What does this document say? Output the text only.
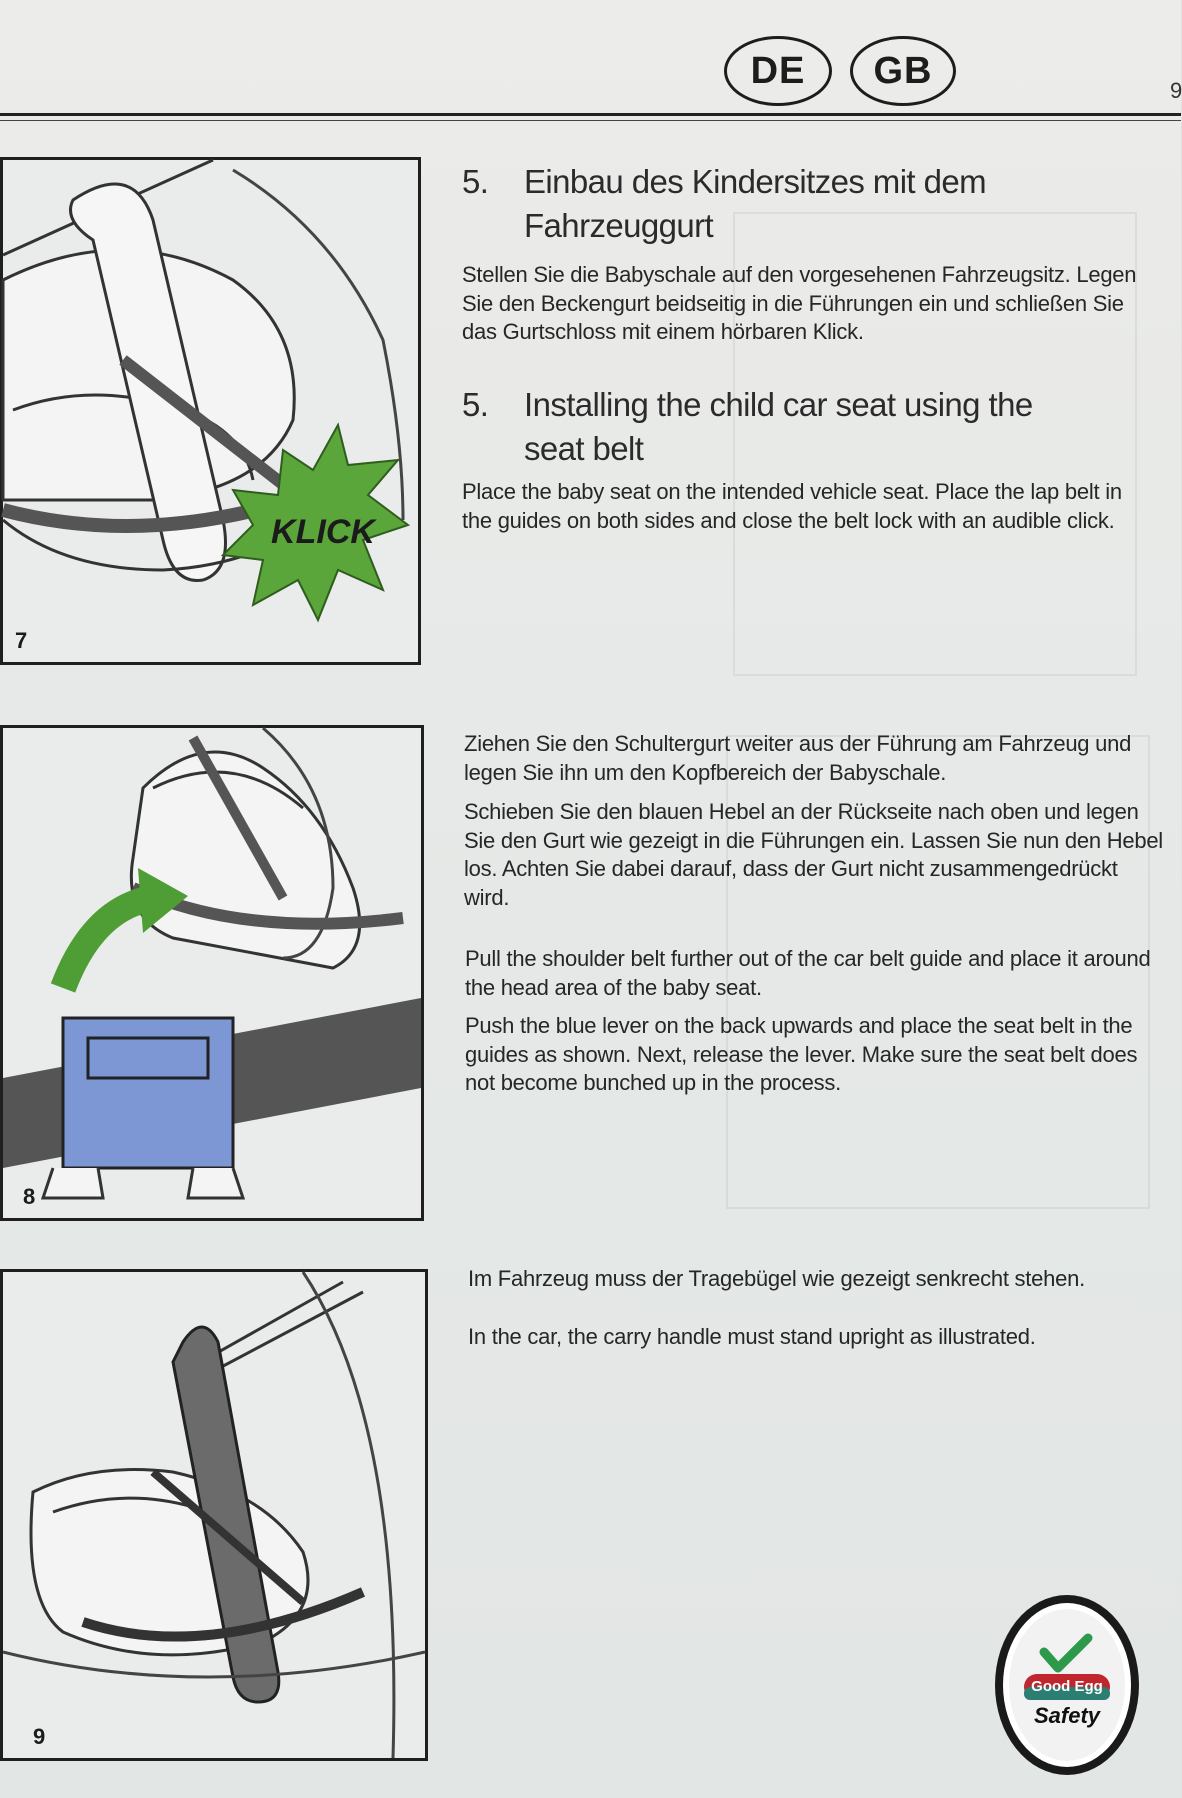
DE	GB	9
KLICK
7
8
9
5. Einbau des Kindersitzes mit dem Fahrzeuggurt
Stellen Sie die Babyschale auf den vorgesehenen Fahrzeugsitz. Legen Sie den Beckengurt beidseitig in die Führungen ein und schließen Sie das Gurtschloss mit einem hörbaren Klick.
5. Installing the child car seat using the seat belt
Place the baby seat on the intended vehicle seat. Place the lap belt in the guides on both sides and close the belt lock with an audible click.
Ziehen Sie den Schultergurt weiter aus der Führung am Fahrzeug und legen Sie ihn um den Kopfbereich der Babyschale.
Schieben Sie den blauen Hebel an der Rückseite nach oben und legen Sie den Gurt wie gezeigt in die Führungen ein. Lassen Sie nun den Hebel los. Achten Sie dabei darauf, dass der Gurt nicht zusammengedrückt wird.
Pull the shoulder belt further out of the car belt guide and place it around the head area of the baby seat.
Push the blue lever on the back upwards and place the seat belt in the guides as shown. Next, release the lever. Make sure the seat belt does not become bunched up in the process.
Im Fahrzeug muss der Tragebügel wie gezeigt senkrecht stehen.
In the car, the carry handle must stand upright as illustrated.
Good Egg
Safety
